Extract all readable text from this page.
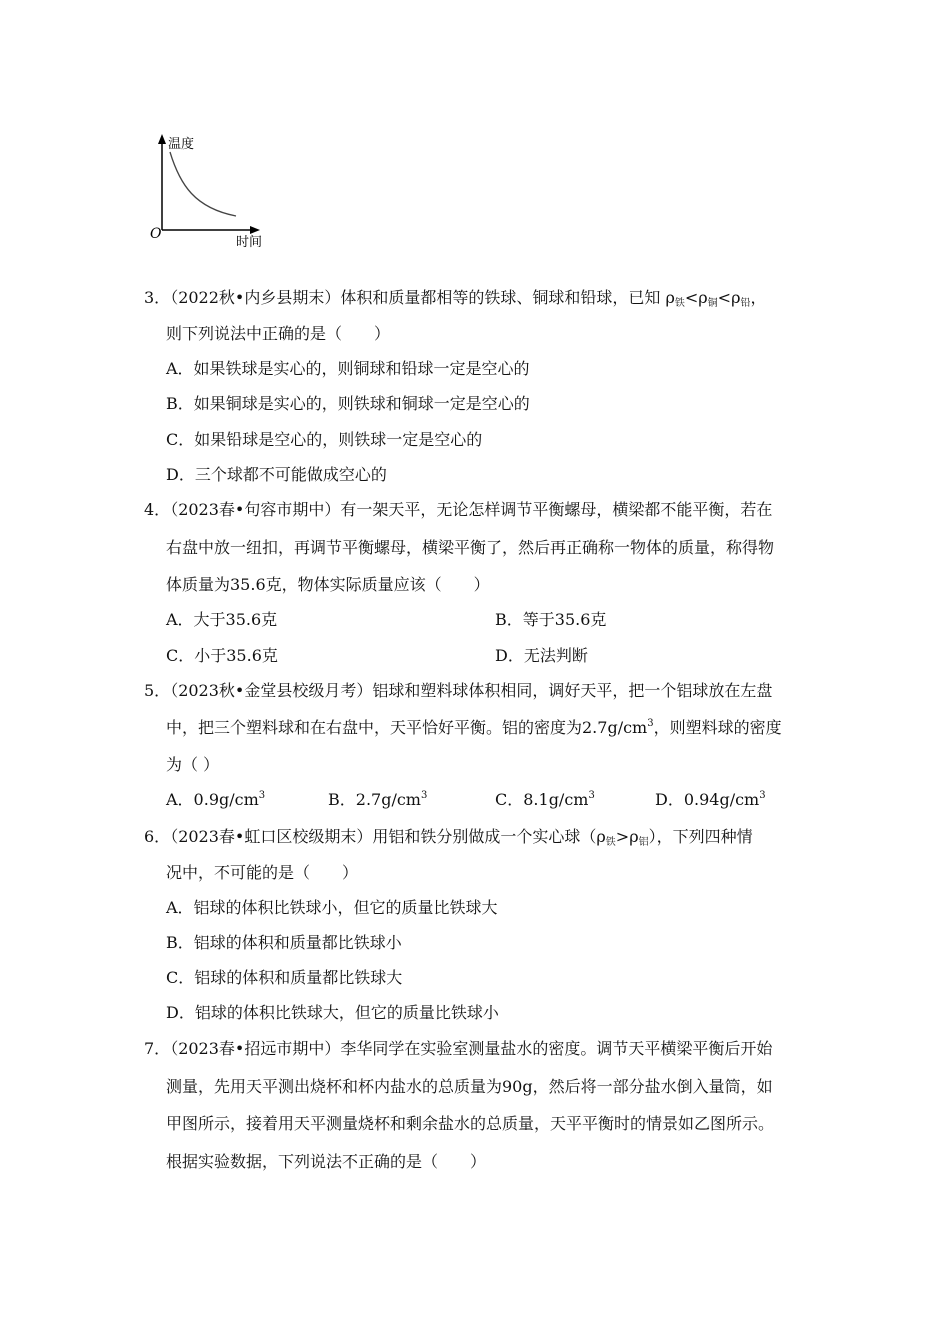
温度
O
时间
3．（2022秋•内乡县期末）体积和质量都相等的铁球、铜球和铅球，已知 ρ铁<ρ铜<ρ铅，
则下列说法中正确的是（　　）
A．如果铁球是实心的，则铜球和铅球一定是空心的
B．如果铜球是实心的，则铁球和铜球一定是空心的
C．如果铅球是空心的，则铁球一定是空心的
D．三个球都不可能做成空心的
4．（2023春•句容市期中）有一架天平，无论怎样调节平衡螺母，横梁都不能平衡，若在
右盘中放一纽扣，再调节平衡螺母，横梁平衡了，然后再正确称一物体的质量，称得物
体质量为35.6克，物体实际质量应该（　　）
A．大于35.6克	B．等于35.6克
C．小于35.6克	D．无法判断
5．（2023秋•金堂县校级月考）铝球和塑料球体积相同，调好天平，把一个铝球放在左盘
中，把三个塑料球和在右盘中，天平恰好平衡。铝的密度为$2.7g/cm^3$，则塑料球的密度
为（ ）
A．$0.9g/cm^3$	B．$2.7g/cm^3$	C．$8.1g/cm^3$	D．$0.94g/cm^3$
6．（2023春•虹口区校级期末）用铝和铁分别做成一个实心球（ρ铁>ρ铝），下列四种情
况中，不可能的是（　　）
A．铝球的体积比铁球小，但它的质量比铁球大
B．铝球的体积和质量都比铁球小
C．铝球的体积和质量都比铁球大
D．铝球的体积比铁球大，但它的质量比铁球小
7．（2023春•招远市期中）李华同学在实验室测量盐水的密度。调节天平横梁平衡后开始
测量，先用天平测出烧杯和杯内盐水的总质量为90g，然后将一部分盐水倒入量筒，如
甲图所示，接着用天平测量烧杯和剩余盐水的总质量，天平平衡时的情景如乙图所示。
根据实验数据，下列说法不正确的是（　　）
